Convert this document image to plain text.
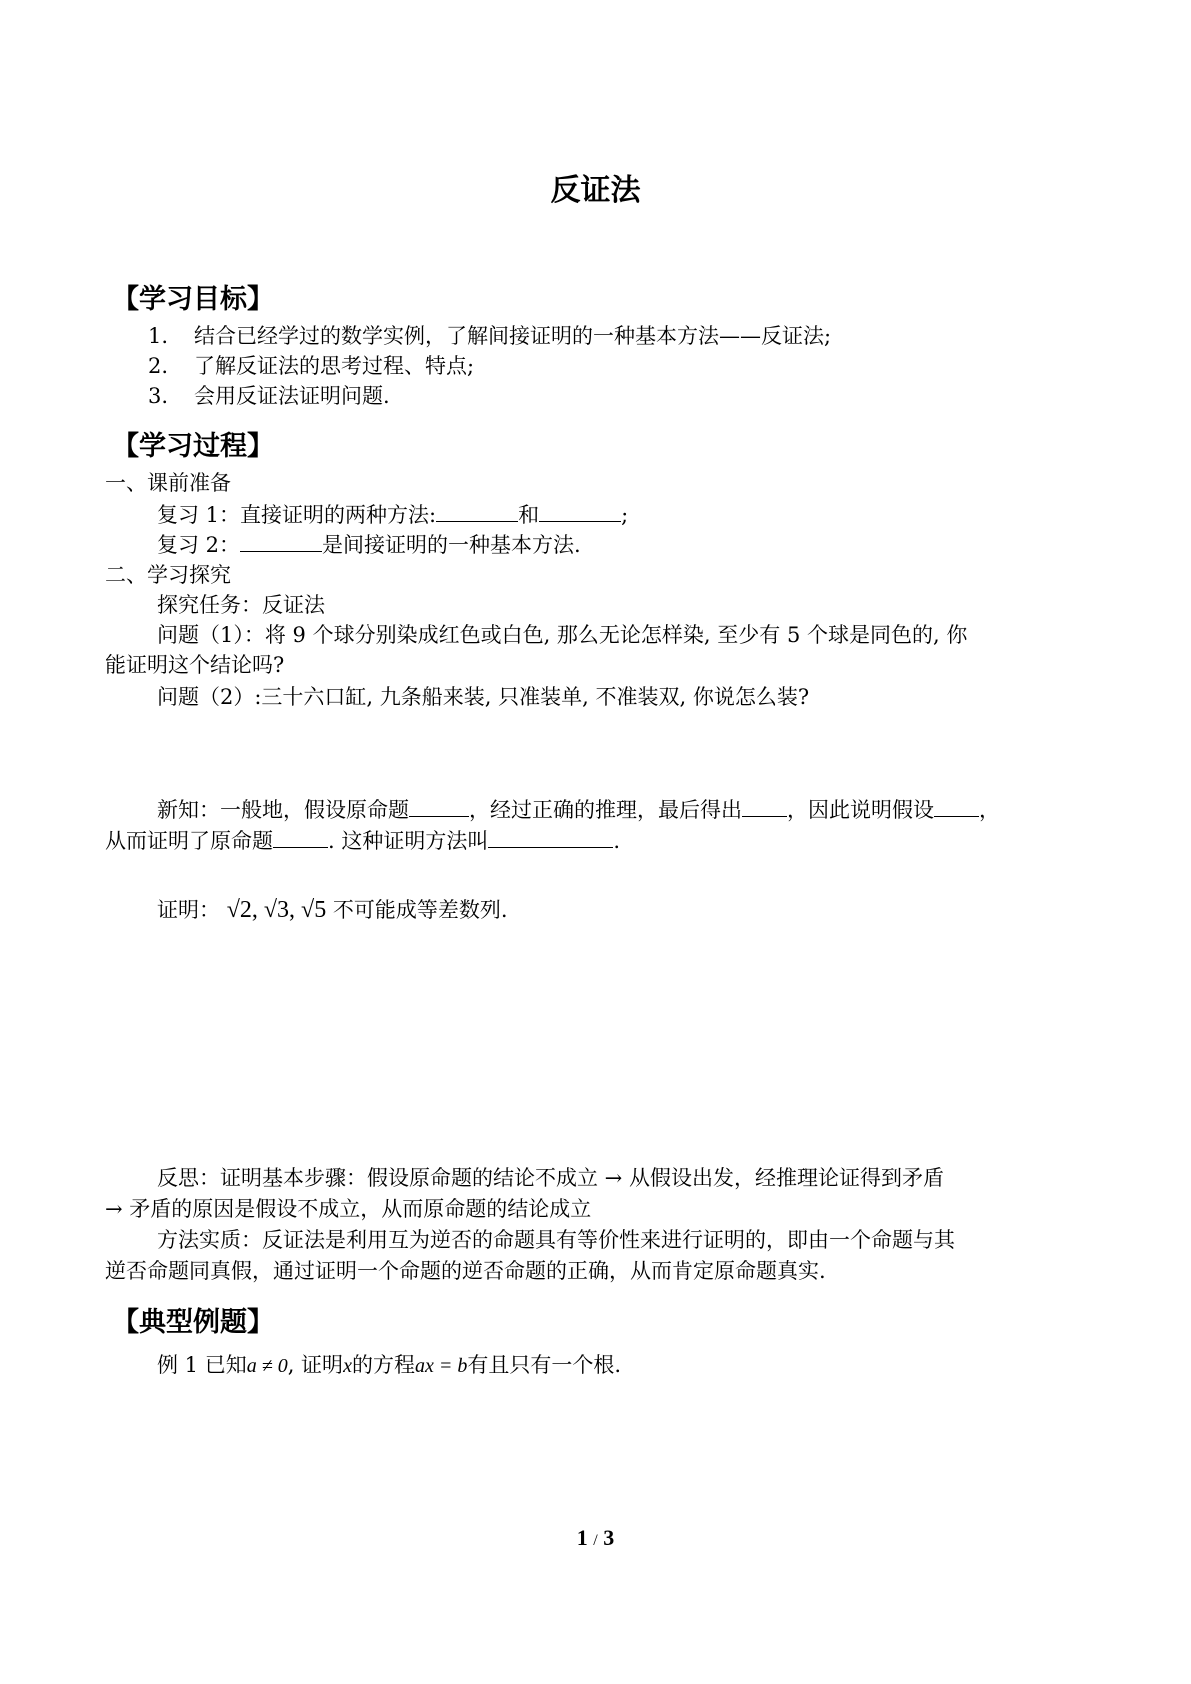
反证法
【学习目标】
1. 结合已经学过的数学实例，了解间接证明的一种基本方法——反证法;
2. 了解反证法的思考过程、特点;
3. 会用反证法证明问题.
【学习过程】
一、课前准备
复习 1：直接证明的两种方法:	和	;
复习 2：	是间接证明的一种基本方法.
二、学习探究
探究任务：反证法
问题（1）：将 9 个球分别染成红色或白色, 那么无论怎样染, 至少有 5 个球是同色的, 你
能证明这个结论吗?
问题（2）:三十六口缸, 九条船来装, 只准装单, 不准装双, 你说怎么装?
新知：一般地，假设原命题	，经过正确的推理，最后得出 ，因此说明假设 ，
从而证明了原命题	. 这种证明方法叫	.
证明： √2, √3, √5 不可能成等差数列.
反思：证明基本步骤：假设原命题的结论不成立 → 从假设出发，经推理论证得到矛盾
→ 矛盾的原因是假设不成立，从而原命题的结论成立
方法实质：反证法是利用互为逆否的命题具有等价性来进行证明的，即由一个命题与其
逆否命题同真假，通过证明一个命题的逆否命题的正确，从而肯定原命题真实.
【典型例题】
例 1 已知a ≠ 0, 证明x的方程ax = b有且只有一个根.
1 / 3
